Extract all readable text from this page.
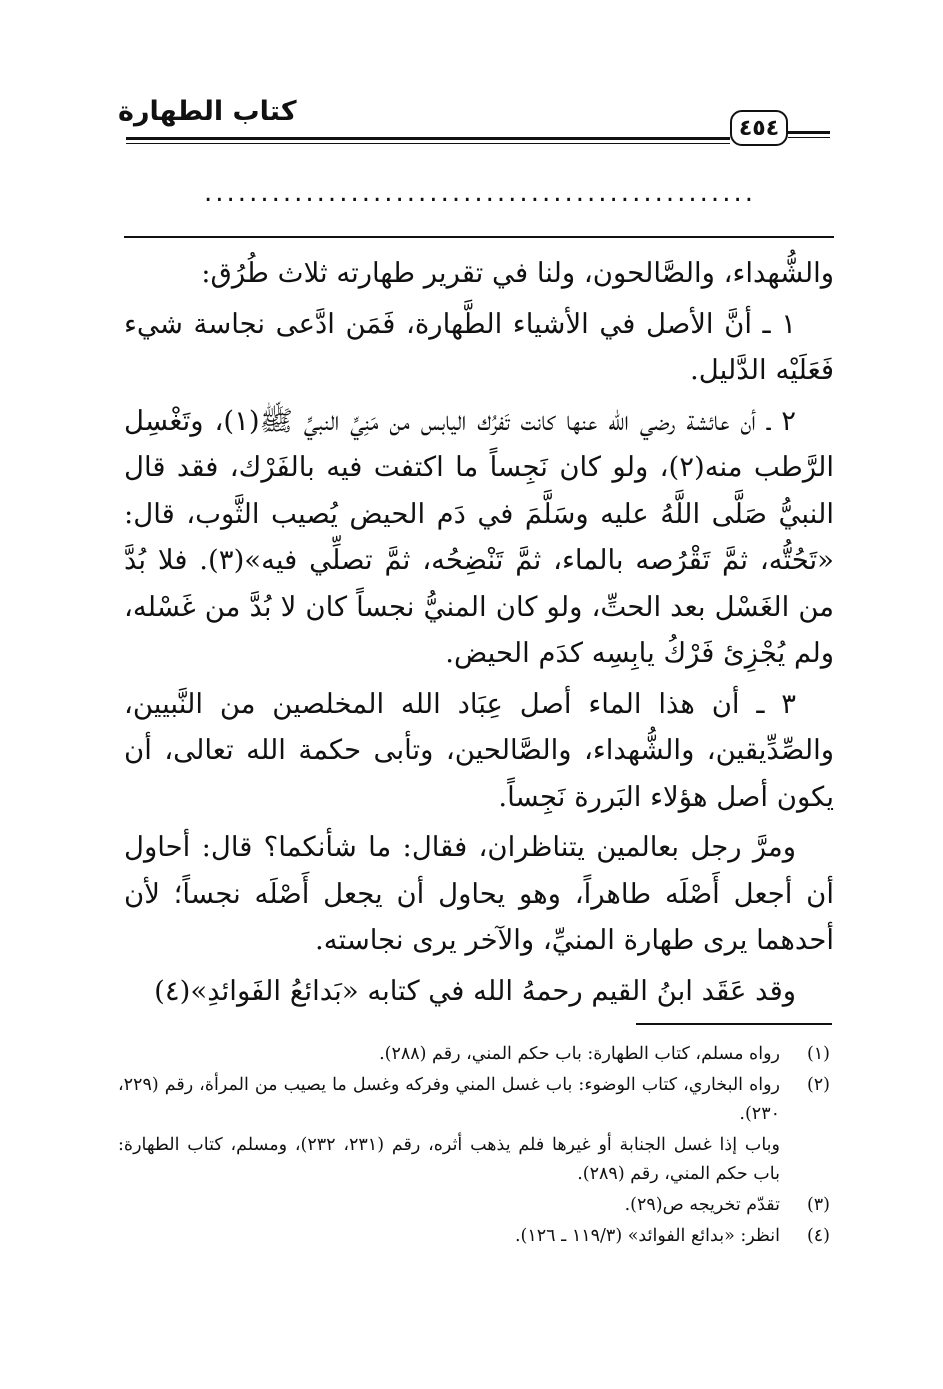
كتاب الطهارة
٤٥٤
.................................................

والشُّهداء، والصَّالحون، ولنا في تقرير طهارته ثلاث طُرُق:

١ ـ أنَّ الأصل في الأشياء الطَّهارة، فَمَن ادَّعى نجاسة شيء فَعَلَيْه الدَّليل.

٢ ـ أن عائشة رضي الله عنها كانت تَفرُك اليابس من مَنِيِّ النبيِّ ﷺ(١)، وتَغْسِل الرَّطب منه(٢)، ولو كان نَجِساً ما اكتفت فيه بالفَرْك، فقد قال النبيُّ صَلَّى اللَّهُ عليه وسَلَّمَ في دَم الحيض يُصيب الثَّوب، قال: «تَحُتُّه، ثمَّ تَقْرُصه بالماء، ثمَّ تَنْضِحُه، ثمَّ تصلِّي فيه»(٣). فلا بُدَّ من الغَسْل بعد الحتِّ، ولو كان المنيُّ نجساً كان لا بُدَّ من غَسْله، ولم يُجْزِئ فَرْكُ يابِسِه كدَم الحيض.

٣ ـ أن هذا الماء أصل عِبَاد الله المخلصين من النَّبيين، والصِّدِّيقين، والشُّهداء، والصَّالحين، وتأبى حكمة الله تعالى، أن يكون أصل هؤلاء البَررة نَجِساً.

ومرَّ رجل بعالمين يتناظران، فقال: ما شأنكما؟ قال: أحاول أن أجعل أَصْلَه طاهراً، وهو يحاول أن يجعل أَصْلَه نجساً؛ لأن أحدهما يرى طهارة المنيِّ، والآخر يرى نجاسته.

وقد عَقَد ابنُ القيم رحمهُ الله في كتابه «بَدائعُ الفَوائدِ»(٤)

(١)
رواه مسلم، كتاب الطهارة: باب حكم المني، رقم (٢٨٨).
(٢)
رواه البخاري، كتاب الوضوء: باب غسل المني وفركه وغسل ما يصيب من المرأة، رقم (٢٢٩، ٢٣٠).
وباب إذا غسل الجنابة أو غيرها فلم يذهب أثره، رقم (٢٣١، ٢٣٢)، ومسلم، كتاب الطهارة: باب حكم المني، رقم (٢٨٩).
(٣)
تقدّم تخريجه ص(٢٩).
(٤)
انظر: «بدائع الفوائد» (١١٩/٣ ـ ١٢٦).
